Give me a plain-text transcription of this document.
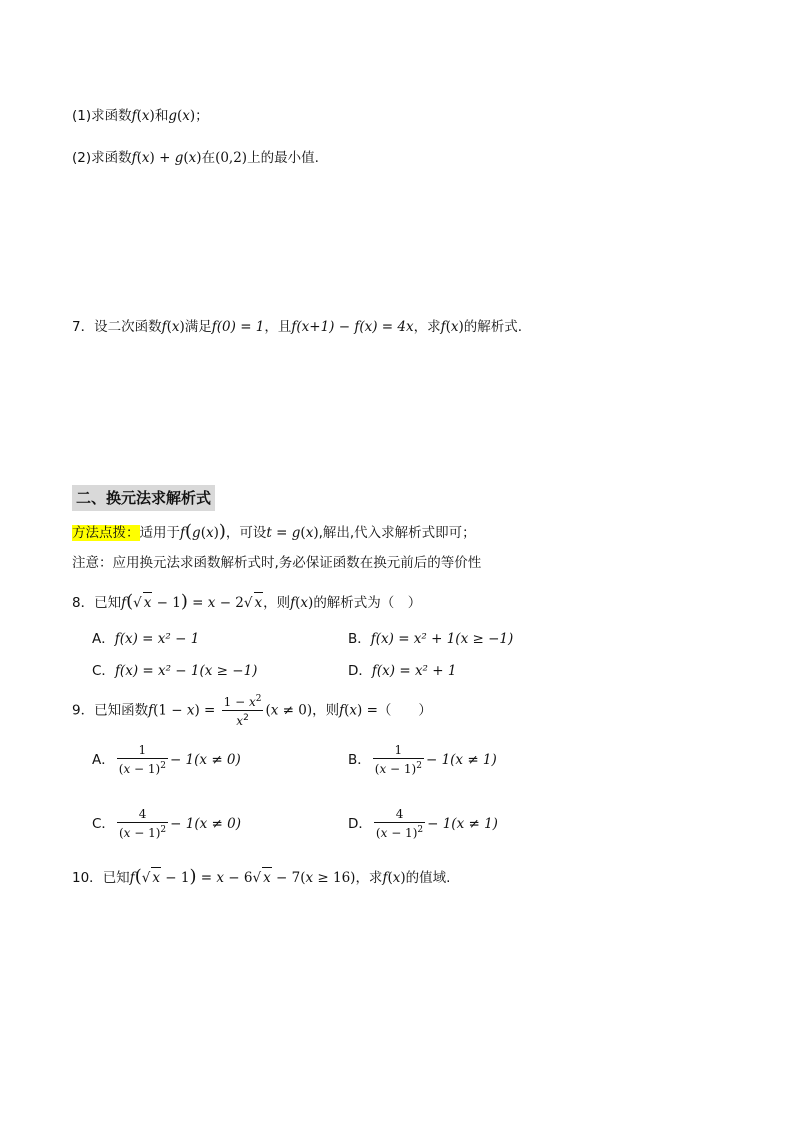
(1)求函数f(x)和g(x)；
(2)求函数f(x) + g(x)在(0,2)上的最小值.
7．设二次函数f(x)满足f(0) = 1，且f(x+1) − f(x) = 4x，求f(x)的解析式.
二、换元法求解析式
方法点拨：适用于f(g(x))，可设t = g(x),解出,代入求解析式即可；
注意：应用换元法求函数解析式时,务必保证函数在换元前后的等价性
8．已知f(√ x − 1) = x − 2√ x，则f(x)的解析式为（　）
A．f(x) = x² − 1	B．f(x) = x² + 1(x ≥ −1)
C．f(x) = x² − 1(x ≥ −1)	D．f(x) = x² + 1
9．已知函数$f(1 - x) = \frac{1 - x^2}{x^2} (x \ne 0)$，则f(x) =（　　）
A． $\frac{1}{(x - 1)^2} - 1(x \ne 0)$	B． $\frac{1}{(x - 1)^2} - 1(x \ne 1)$
C． $\frac{4}{(x - 1)^2} - 1(x \ne 0)$	D． $\frac{4}{(x - 1)^2} - 1(x \ne 1)$
10．已知f(√ x − 1) = x − 6√ x − 7(x ≥ 16)，求f(x)的值域.
